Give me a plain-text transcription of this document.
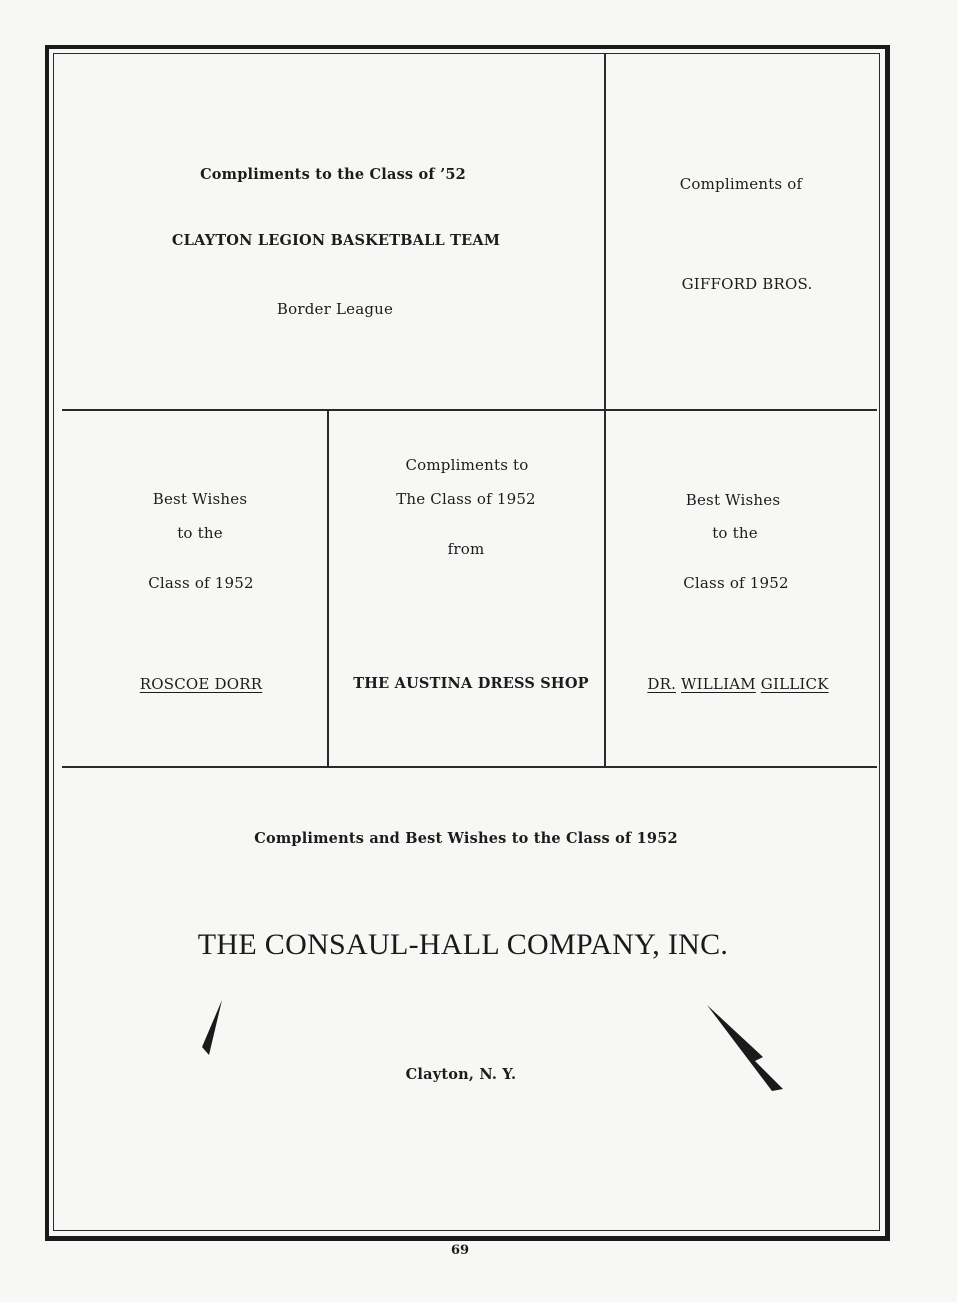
Compliments to the Class of ’52
CLAYTON LEGION BASKETBALL TEAM
Border League
Compliments of
GIFFORD BROS.
Best Wishes
to the
Class of 1952
ROSCOE DORR
Compliments to
The Class of 1952
from
THE AUSTINA DRESS SHOP
Best Wishes
to the
Class of 1952
DR. WILLIAM GILLICK
Compliments and Best Wishes to the Class of 1952
THE CONSAUL-HALL COMPANY, INC.
Clayton, N. Y.
69
